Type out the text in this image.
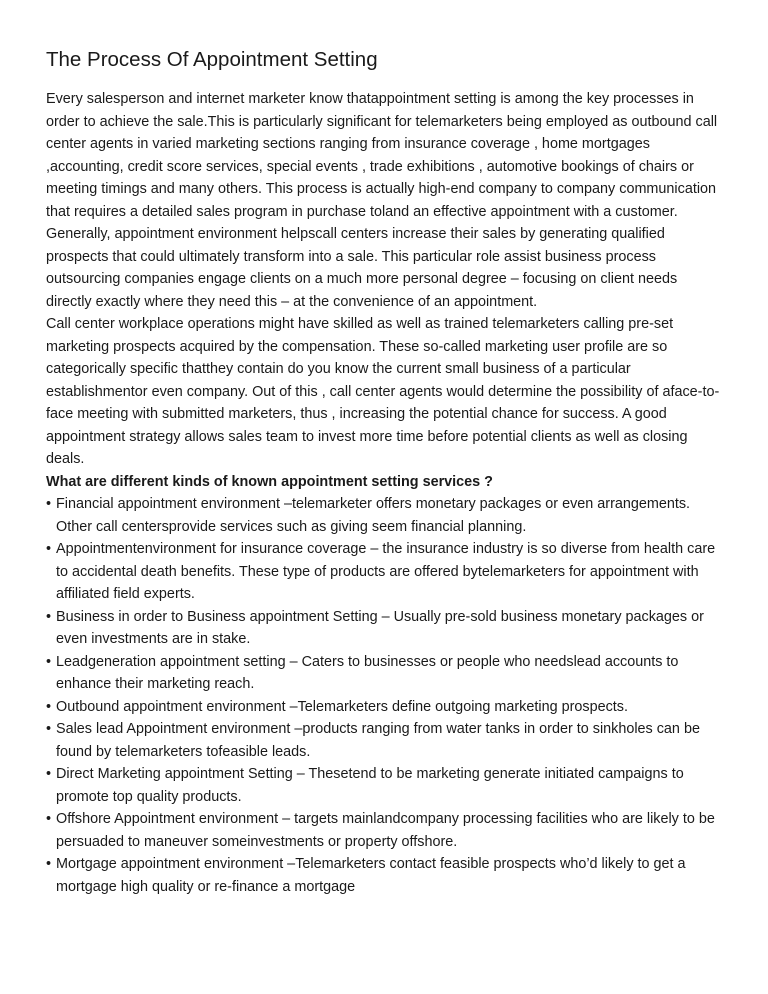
The Process Of Appointment Setting

Every salesperson and internet marketer know thatappointment setting is among the key processes in order to achieve the sale.This is particularly significant for telemarketers being employed as outbound call center agents in varied marketing sections ranging from insurance coverage , home mortgages ,accounting, credit score services, special events , trade exhibitions , automotive bookings of chairs or meeting timings and many others. This process is actually high-end company to company communication that requires a detailed sales program in purchase toland an effective appointment with a customer.

Generally, appointment environment helpscall centers increase their sales by generating qualified prospects that could ultimately transform into a sale. This particular role assist business process outsourcing companies engage clients on a much more personal degree – focusing on client needs directly exactly where they need this – at the convenience of an appointment.

Call center workplace operations might have skilled as well as trained telemarketers calling pre-set marketing prospects acquired by the compensation. These so-called marketing user profile are so categorically specific thatthey contain do you know the current small business of a particular establishmentor even company. Out of this , call center agents would determine the possibility of aface-to-face meeting with submitted marketers, thus , increasing the potential chance for success. A good appointment strategy allows sales team to invest more time before potential clients as well as closing deals.

What are different kinds of known appointment setting services ?

• Financial appointment environment –telemarketer offers monetary packages or even arrangements. Other call centersprovide services such as giving seem financial planning.
• Appointmentenvironment for insurance coverage – the insurance industry is so diverse from health care to accidental death benefits. These type of products are offered bytelemarketers for appointment with affiliated field experts.
• Business in order to Business appointment Setting – Usually pre-sold business monetary packages or even investments are in stake.
• Leadgeneration appointment setting – Caters to businesses or people who needslead accounts to enhance their marketing reach.
• Outbound appointment environment –Telemarketers define outgoing marketing prospects.
• Sales lead Appointment environment –products ranging from water tanks in order to sinkholes can be found by telemarketers tofeasible leads.
• Direct Marketing appointment Setting – Thesetend to be marketing generate initiated campaigns to promote top quality products.
• Offshore Appointment environment – targets mainlandcompany processing facilities who are likely to be persuaded to maneuver someinvestments or property offshore.
• Mortgage appointment environment –Telemarketers contact feasible prospects who’d likely to get a mortgage high quality or re-finance a mortgage
